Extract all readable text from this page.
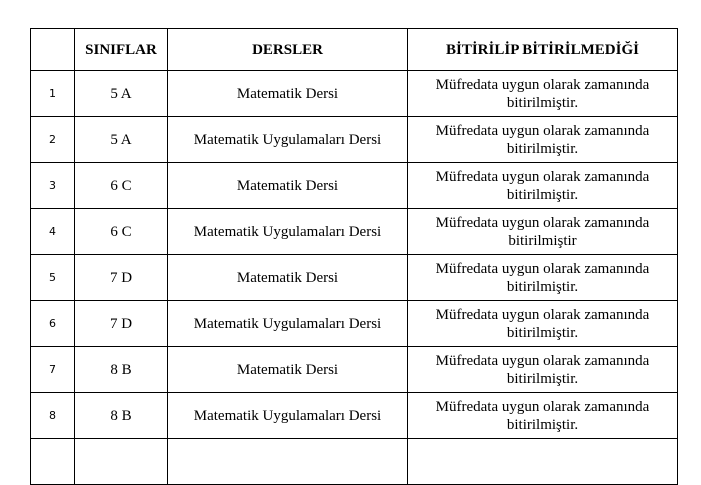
	SINIFLAR	DERSLER	BİTİRİLİP BİTİRİLMEDİĞİ
1	5 A	Matematik Dersi	Müfredata uygun olarak zamanında bitirilmiştir.
2	5 A	Matematik Uygulamaları Dersi	Müfredata uygun olarak zamanında bitirilmiştir.
3	6 C	Matematik Dersi	Müfredata uygun olarak zamanında bitirilmiştir.
4	6 C	Matematik Uygulamaları Dersi	Müfredata uygun olarak zamanında bitirilmiştir
5	7 D	Matematik Dersi	Müfredata uygun olarak zamanında bitirilmiştir.
6	7 D	Matematik Uygulamaları Dersi	Müfredata uygun olarak zamanında bitirilmiştir.
7	8 B	Matematik Dersi	Müfredata uygun olarak zamanında bitirilmiştir.
8	8 B	Matematik Uygulamaları Dersi	Müfredata uygun olarak zamanında bitirilmiştir.
